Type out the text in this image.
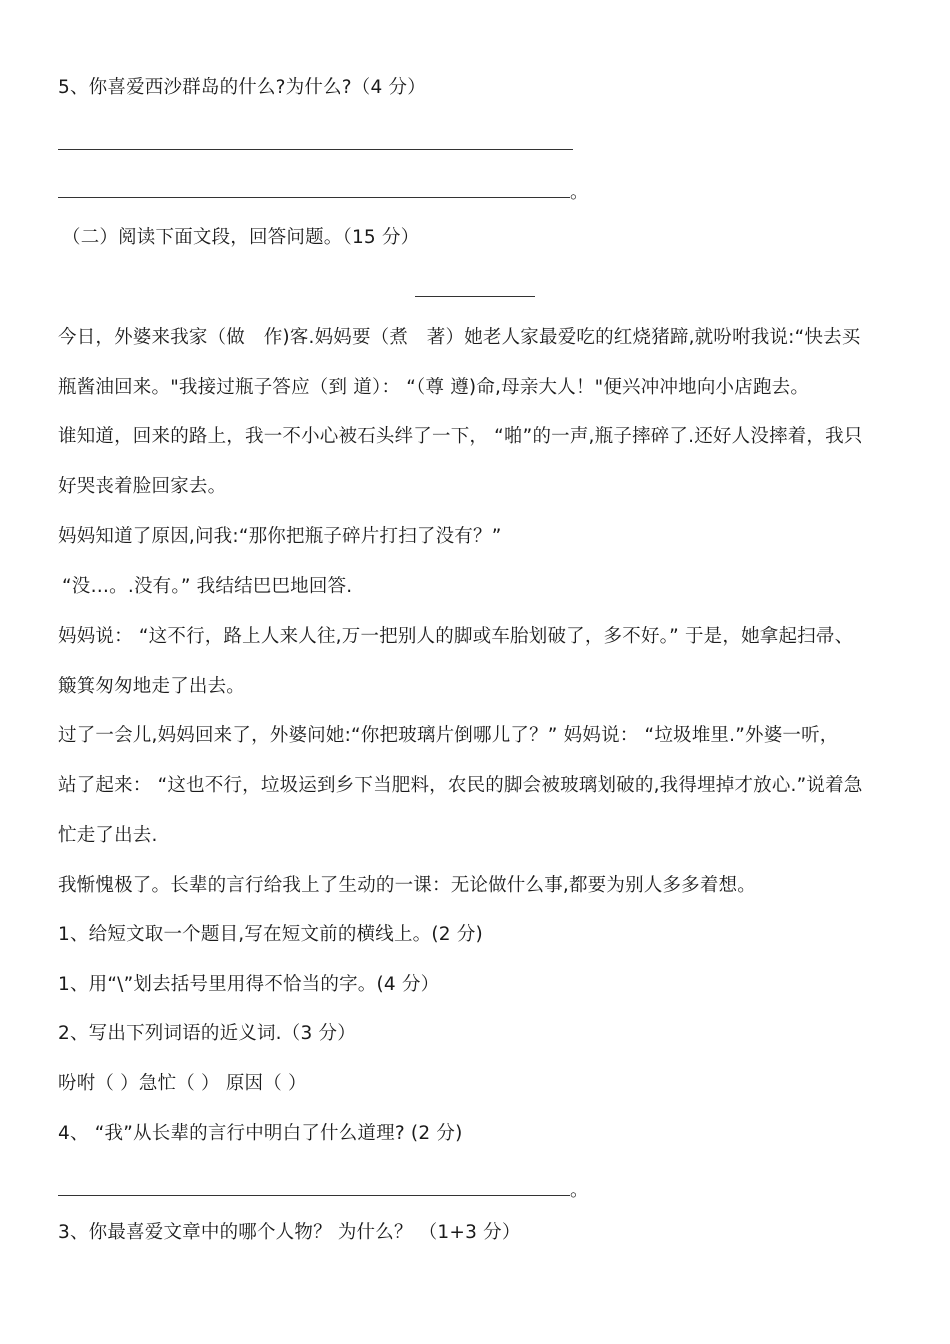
5、你喜爱西沙群岛的什么?为什么?（4 分）
。
（二）阅读下面文段，回答问题。（15 分）
今日，外婆来我家（做　作)客.妈妈要（煮　著）她老人家最爱吃的红烧猪蹄,就吩咐我说:“快去买
瓶酱油回来。"我接过瓶子答应（到 道）： “（尊 遵)命,母亲大人！"便兴冲冲地向小店跑去。
谁知道，回来的路上，我一不小心被石头绊了一下， “啪”的一声,瓶子摔碎了.还好人没摔着，我只
好哭丧着脸回家去。
妈妈知道了原因,问我:“那你把瓶子碎片打扫了没有？”
“没…。.没有。” 我结结巴巴地回答.
妈妈说： “这不行，路上人来人往,万一把别人的脚或车胎划破了，多不好。” 于是，她拿起扫帚、
簸箕匆匆地走了出去。
过了一会儿,妈妈回来了，外婆问她:“你把玻璃片倒哪儿了？” 妈妈说： “垃圾堆里.”外婆一听，
站了起来： “这也不行，垃圾运到乡下当肥料，农民的脚会被玻璃划破的,我得埋掉才放心.”说着急
忙走了出去.
我惭愧极了。长辈的言行给我上了生动的一课：无论做什么事,都要为别人多多着想。
1、给短文取一个题目,写在短文前的横线上。(2 分)
1、用“\”划去括号里用得不恰当的字。(4 分）
2、写出下列词语的近义词.（3 分）
吩咐（ ）急忙（ ） 原因（ ）
4、 “我”从长辈的言行中明白了什么道理? (2 分)
。
3、你最喜爱文章中的哪个人物？ 为什么？ （1+3 分）
